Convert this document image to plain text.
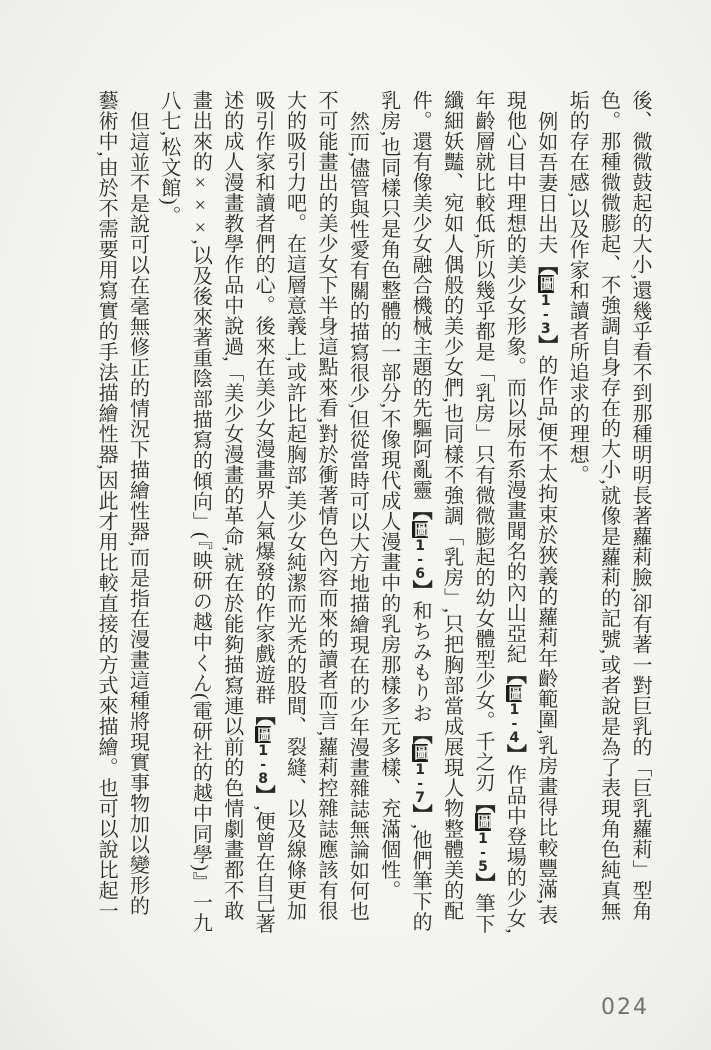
後、微微鼓起的大小,還幾乎看不到那種明明長著蘿莉臉,卻有著一對巨乳的「巨乳蘿莉」型角色。那種微微膨起、不強調自身存在的大小,就像是蘿莉的記號,或者說是為了表現角色純真無垢的存在感,以及作家和讀者所追求的理想。

例如吾妻日出夫【圖1-3】的作品,便不太拘束於狹義的蘿莉年齡範圍,乳房畫得比較豐滿,表現他心目中理想的美少女形象。而以尿布系漫畫聞名的內山亞紀【圖1-4】作品中登場的少女,年齡層就比較低,所以幾乎都是「乳房」只有微微膨起的幼女體型少女。千之刃【圖1-5】筆下纖細妖豔、宛如人偶般的美少女們,也同樣不強調「乳房」,只把胸部當成展現人物整體美的配件。還有像美少女融合機械主題的先驅阿亂靈【圖1-6】和ちみもりお【圖1-7】,他們筆下的乳房,也同樣只是角色整體的一部分,不像現代成人漫畫中的乳房那樣多元多樣、充滿個性。

然而,儘管與性愛有關的描寫很少,但從當時可以大方地描繪現在的少年漫畫雜誌無論如何也不可能畫出的美少女下半身這點來看,對於衝著情色內容而來的讀者而言,蘿莉控雜誌應該有很大的吸引力吧。在這層意義上,或許比起胸部,美少女純潔而光禿的股間、裂縫、以及線條更加吸引作家和讀者們的心。後來在美少女漫畫界人氣爆發的作家戲遊群【圖1-8】,便曾在自己著述的成人漫畫教學作品中說過,「美少女漫畫的革命,就在於能夠描寫連以前的色情劇畫都不敢畫出來的×××,以及後來著重陰部描寫的傾向」(『映研の越中くん(電研社的越中同學)』一九八七,松文館)。

但這並不是說可以在毫無修正的情況下描繪性器,而是指在漫畫這種將現實事物加以變形的藝術中,由於不需要用寫實的手法描繪性器,因此才用比較直接的方式來描繪。也可以說比起一

024
